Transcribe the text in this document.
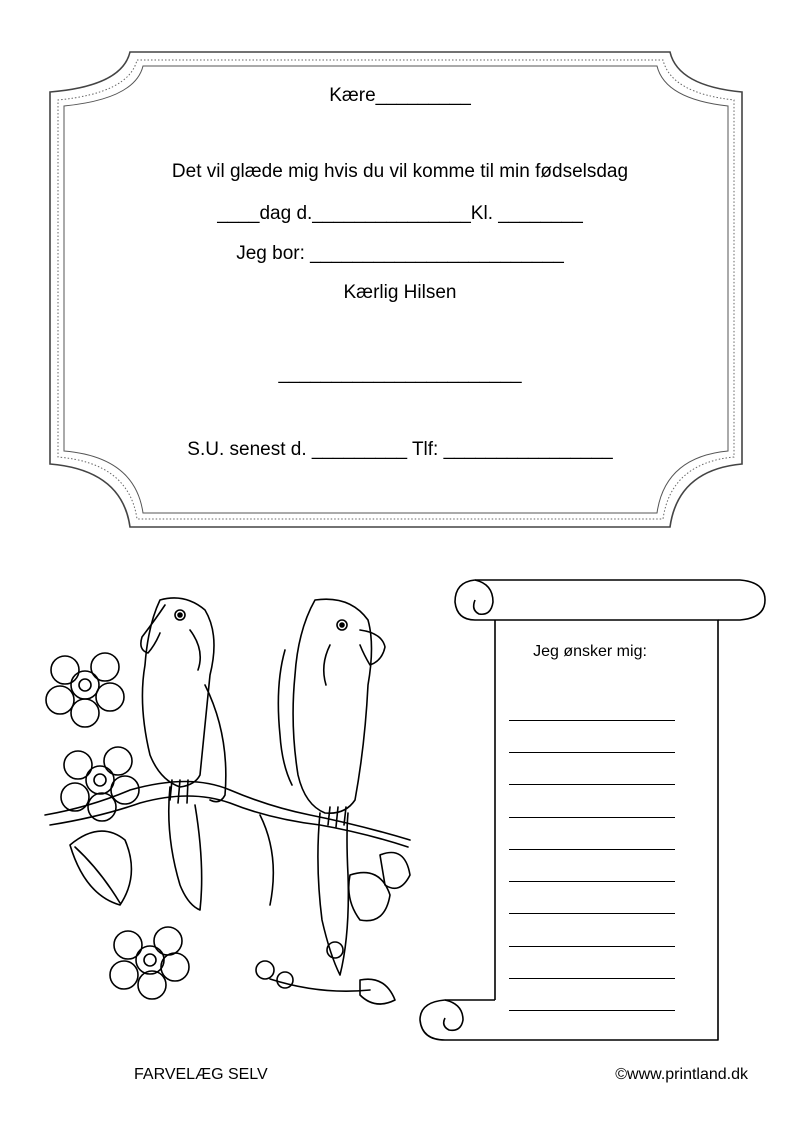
Kære_________
Det vil glæde mig hvis du vil komme til min fødselsdag
____dag d._______________Kl. ________
Jeg bor: ________________________
Kærlig Hilsen
_______________________
S.U. senest d. _________ Tlf: ________________
Jeg ønsker mig:
FARVELÆG SELV	©www.printland.dk
